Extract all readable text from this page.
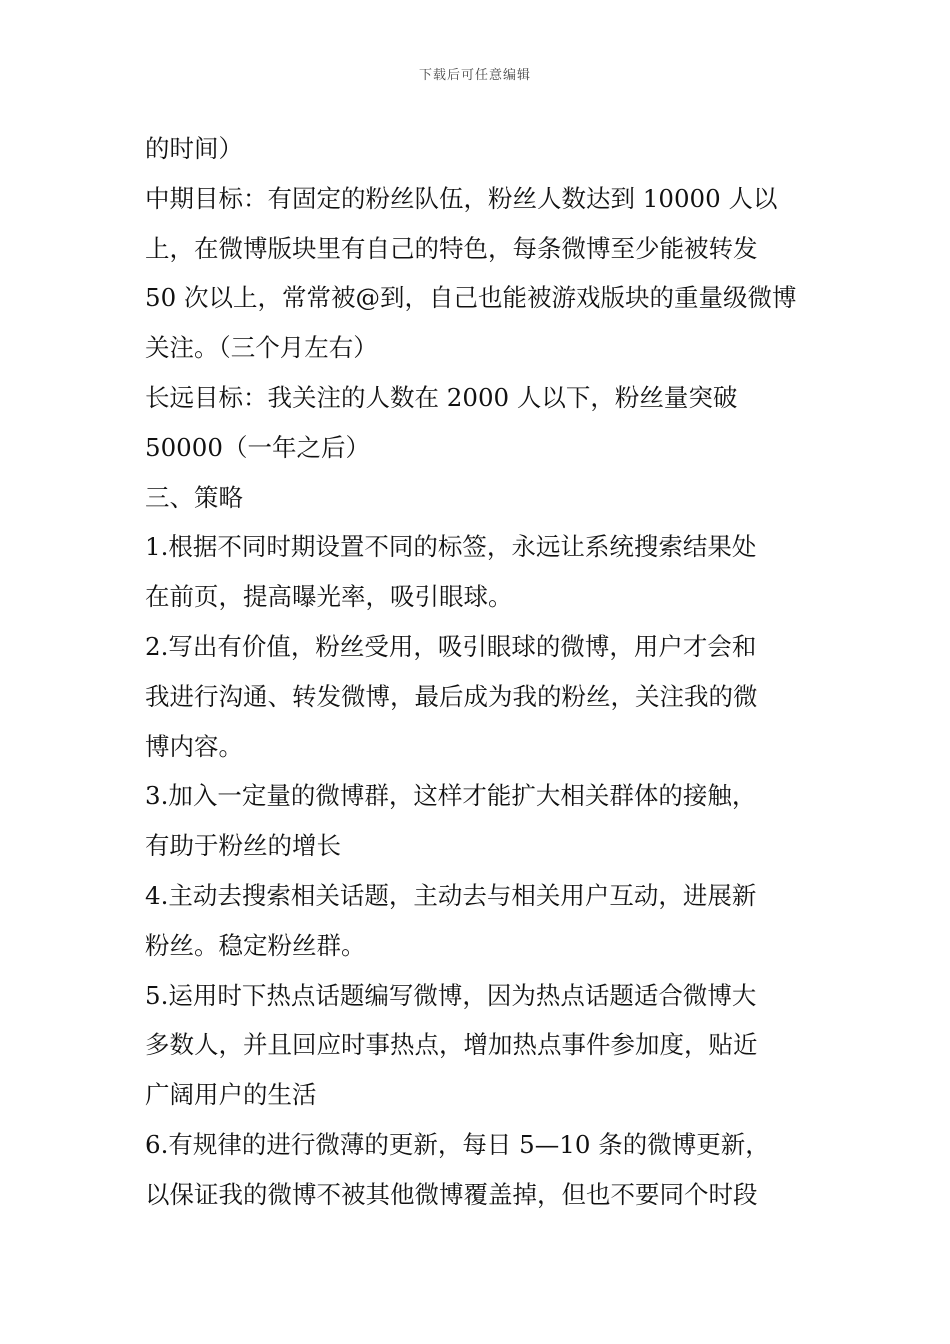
下载后可任意编辑
的时间）
中期目标：有固定的粉丝队伍，粉丝人数达到 10000 人以
上，在微博版块里有自己的特色，每条微博至少能被转发
50 次以上，常常被@到，自己也能被游戏版块的重量级微博
关注。（三个月左右）
长远目标：我关注的人数在 2000 人以下，粉丝量突破
50000（一年之后）
三、策略
1.根据不同时期设置不同的标签，永远让系统搜索结果处
在前页，提高曝光率，吸引眼球。
2.写出有价值，粉丝受用，吸引眼球的微博，用户才会和
我进行沟通、转发微博，最后成为我的粉丝，关注我的微
博内容。
3.加入一定量的微博群，这样才能扩大相关群体的接触，
有助于粉丝的增长
4.主动去搜索相关话题，主动去与相关用户互动，进展新
粉丝。稳定粉丝群。
5.运用时下热点话题编写微博，因为热点话题适合微博大
多数人，并且回应时事热点，增加热点事件参加度，贴近
广阔用户的生活
6.有规律的进行微薄的更新，每日 5—10 条的微博更新，
以保证我的微博不被其他微博覆盖掉，但也不要同个时段
